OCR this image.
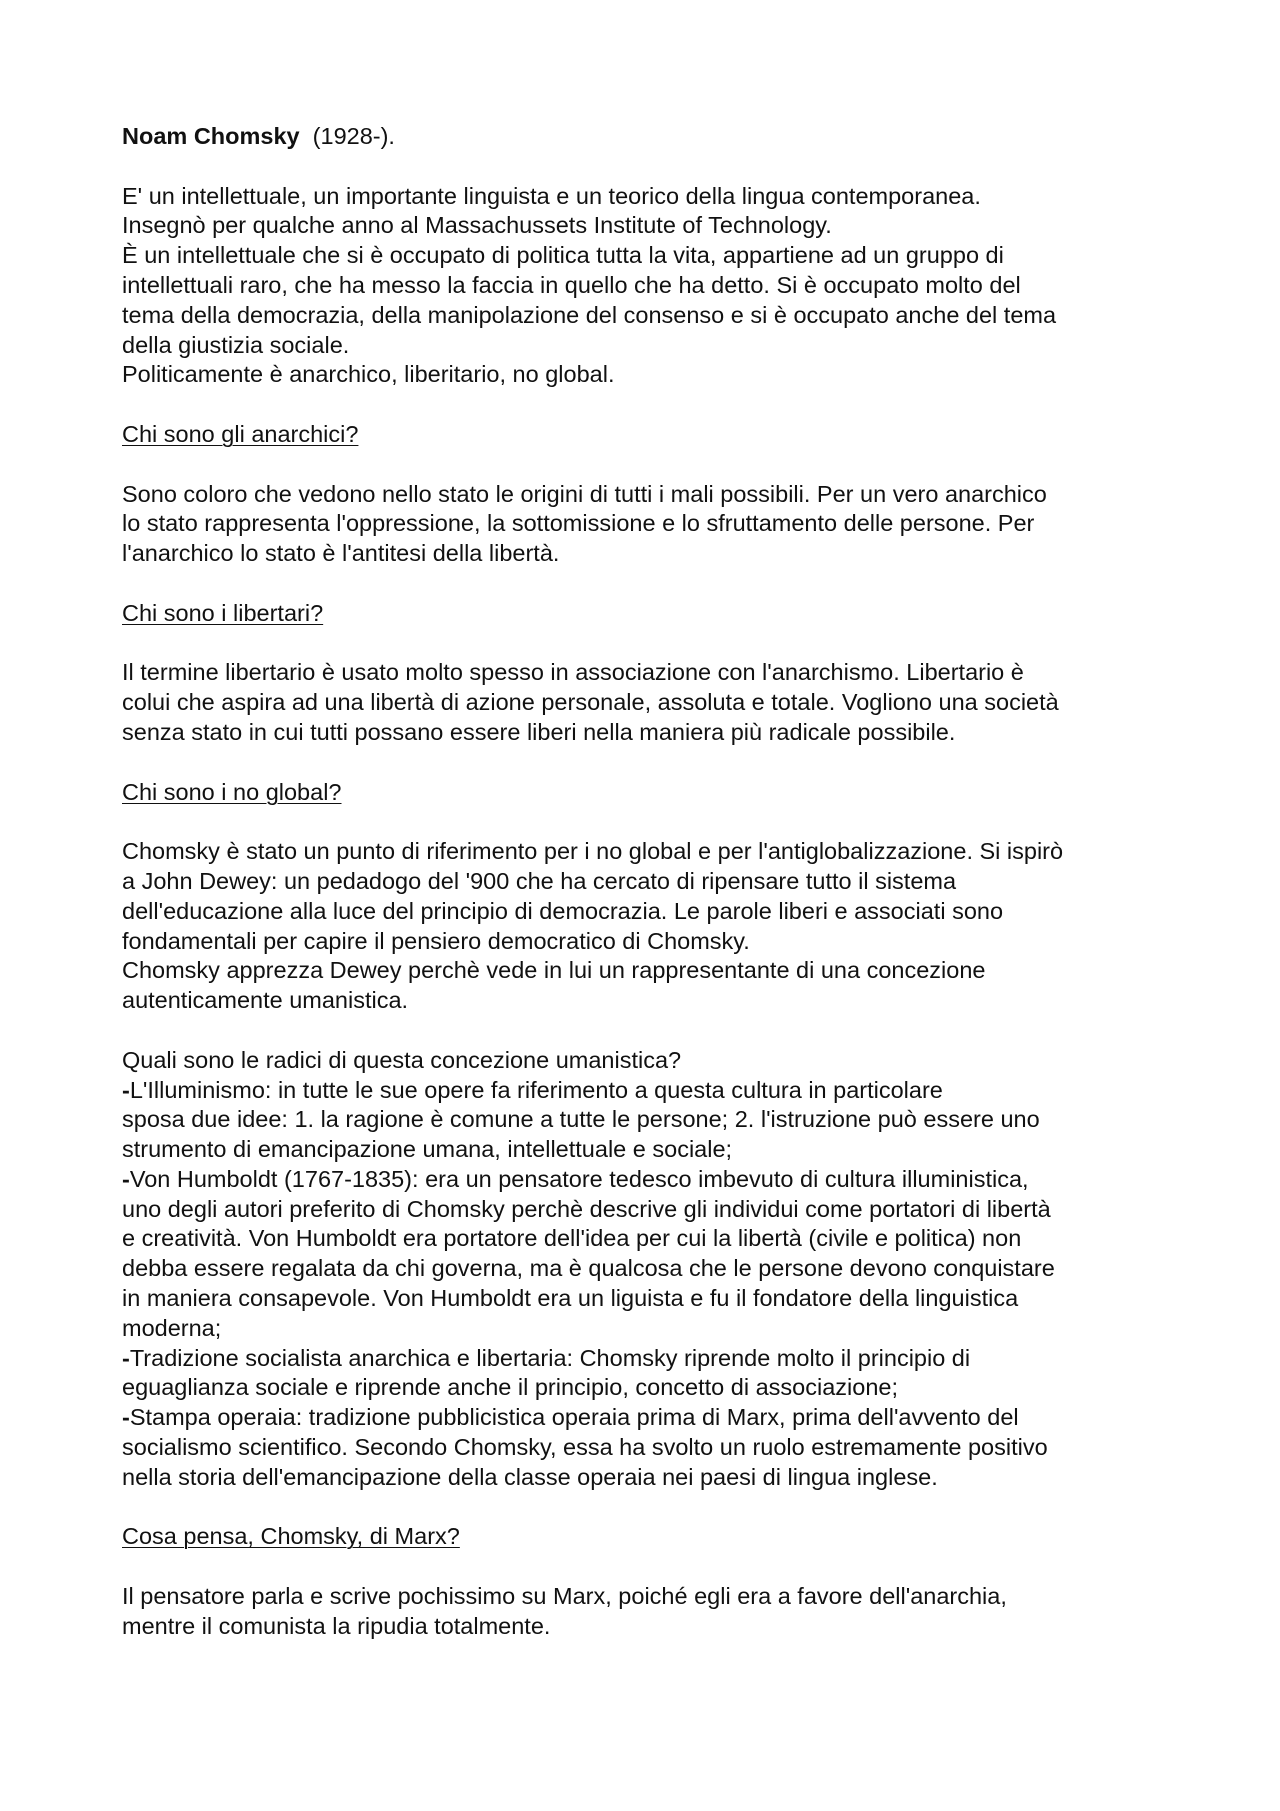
Noam Chomsky (1928-).
E' un intellettuale, un importante linguista e un teorico della lingua contemporanea.
Insegnò per qualche anno al Massachussets Institute of Technology.
È un intellettuale che si è occupato di politica tutta la vita, appartiene ad un gruppo di
intellettuali raro, che ha messo la faccia in quello che ha detto. Si è occupato molto del
tema della democrazia, della manipolazione del consenso e si è occupato anche del tema
della giustizia sociale.
Politicamente è anarchico, liberitario, no global.
Chi sono gli anarchici?
Sono coloro che vedono nello stato le origini di tutti i mali possibili. Per un vero anarchico
lo stato rappresenta l'oppressione, la sottomissione e lo sfruttamento delle persone. Per
l'anarchico lo stato è l'antitesi della libertà.
Chi sono i libertari?
Il termine libertario è usato molto spesso in associazione con l'anarchismo. Libertario è
colui che aspira ad una libertà di azione personale, assoluta e totale. Vogliono una società
senza stato in cui tutti possano essere liberi nella maniera più radicale possibile.
Chi sono i no global?
Chomsky è stato un punto di riferimento per i no global e per l'antiglobalizzazione. Si ispirò
a John Dewey: un pedadogo del '900 che ha cercato di ripensare tutto il sistema
dell'educazione alla luce del principio di democrazia. Le parole liberi e associati sono
fondamentali per capire il pensiero democratico di Chomsky.
Chomsky apprezza Dewey perchè vede in lui un rappresentante di una concezione
autenticamente umanistica.
Quali sono le radici di questa concezione umanistica?
-L'Illuminismo: in tutte le sue opere fa riferimento a questa cultura in particolare
sposa due idee: 1. la ragione è comune a tutte le persone; 2. l'istruzione può essere uno
strumento di emancipazione umana, intellettuale e sociale;
-Von Humboldt (1767-1835): era un pensatore tedesco imbevuto di cultura illuministica,
uno degli autori preferito di Chomsky perchè descrive gli individui come portatori di libertà
e creatività. Von Humboldt era portatore dell'idea per cui la libertà (civile e politica) non
debba essere regalata da chi governa, ma è qualcosa che le persone devono conquistare
in maniera consapevole. Von Humboldt era un liguista e fu il fondatore della linguistica
moderna;
-Tradizione socialista anarchica e libertaria: Chomsky riprende molto il principio di
eguaglianza sociale e riprende anche il principio, concetto di associazione;
-Stampa operaia: tradizione pubblicistica operaia prima di Marx, prima dell'avvento del
socialismo scientifico. Secondo Chomsky, essa ha svolto un ruolo estremamente positivo
nella storia dell'emancipazione della classe operaia nei paesi di lingua inglese.
Cosa pensa, Chomsky, di Marx?
Il pensatore parla e scrive pochissimo su Marx, poiché egli era a favore dell'anarchia,
mentre il comunista la ripudia totalmente.
